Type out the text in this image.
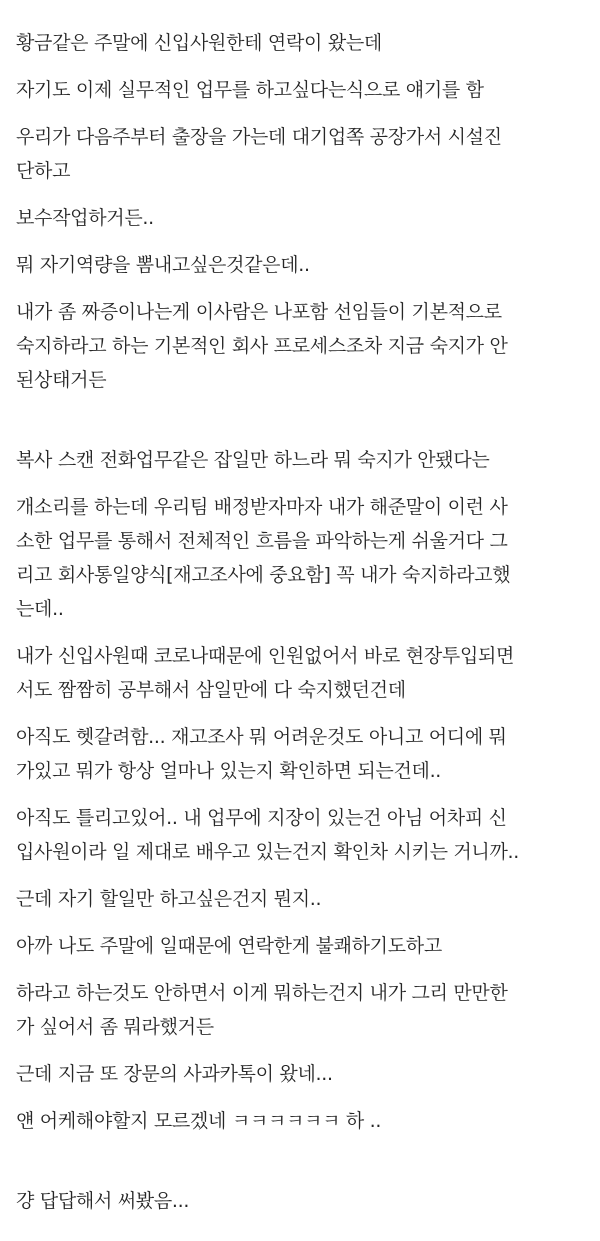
황금같은 주말에 신입사원한테 연락이 왔는데

자기도 이제 실무적인 업무를 하고싶다는식으로 얘기를 함

우리가 다음주부터 출장을 가는데 대기업쪽 공장가서 시설진
단하고

보수작업하거든..

뭐 자기역량을 뽐내고싶은것같은데..

내가 좀 짜증이나는게 이사람은 나포함 선임들이 기본적으로
숙지하라고 하는 기본적인 회사 프로세스조차 지금 숙지가 안
된상태거든

복사 스캔 전화업무같은 잡일만 하느라 뭐 숙지가 안됐다는

개소리를 하는데 우리팀 배정받자마자 내가 해준말이 이런 사
소한 업무를 통해서 전체적인 흐름을 파악하는게 쉬울거다 그
리고 회사통일양식[재고조사에 중요함] 꼭 내가 숙지하라고했
는데..

내가 신입사원때 코로나때문에 인원없어서 바로 현장투입되면
서도 짬짬히 공부해서 삼일만에 다 숙지했던건데

아직도 헷갈려함... 재고조사 뭐 어려운것도 아니고 어디에 뭐
가있고 뭐가 항상 얼마나 있는지 확인하면 되는건데..

아직도 틀리고있어.. 내 업무에 지장이 있는건 아님 어차피 신
입사원이라 일 제대로 배우고 있는건지 확인차 시키는 거니까..

근데 자기 할일만 하고싶은건지 뭔지..

아까 나도 주말에 일때문에 연락한게 불쾌하기도하고

하라고 하는것도 안하면서 이게 뭐하는건지 내가 그리 만만한
가 싶어서 좀 뭐라했거든

근데 지금 또 장문의 사과카톡이 왔네...

얜 어케해야할지 모르겠네 ㅋㅋㅋㅋㅋㅋ 하 ..

걍 답답해서 써봤음...
